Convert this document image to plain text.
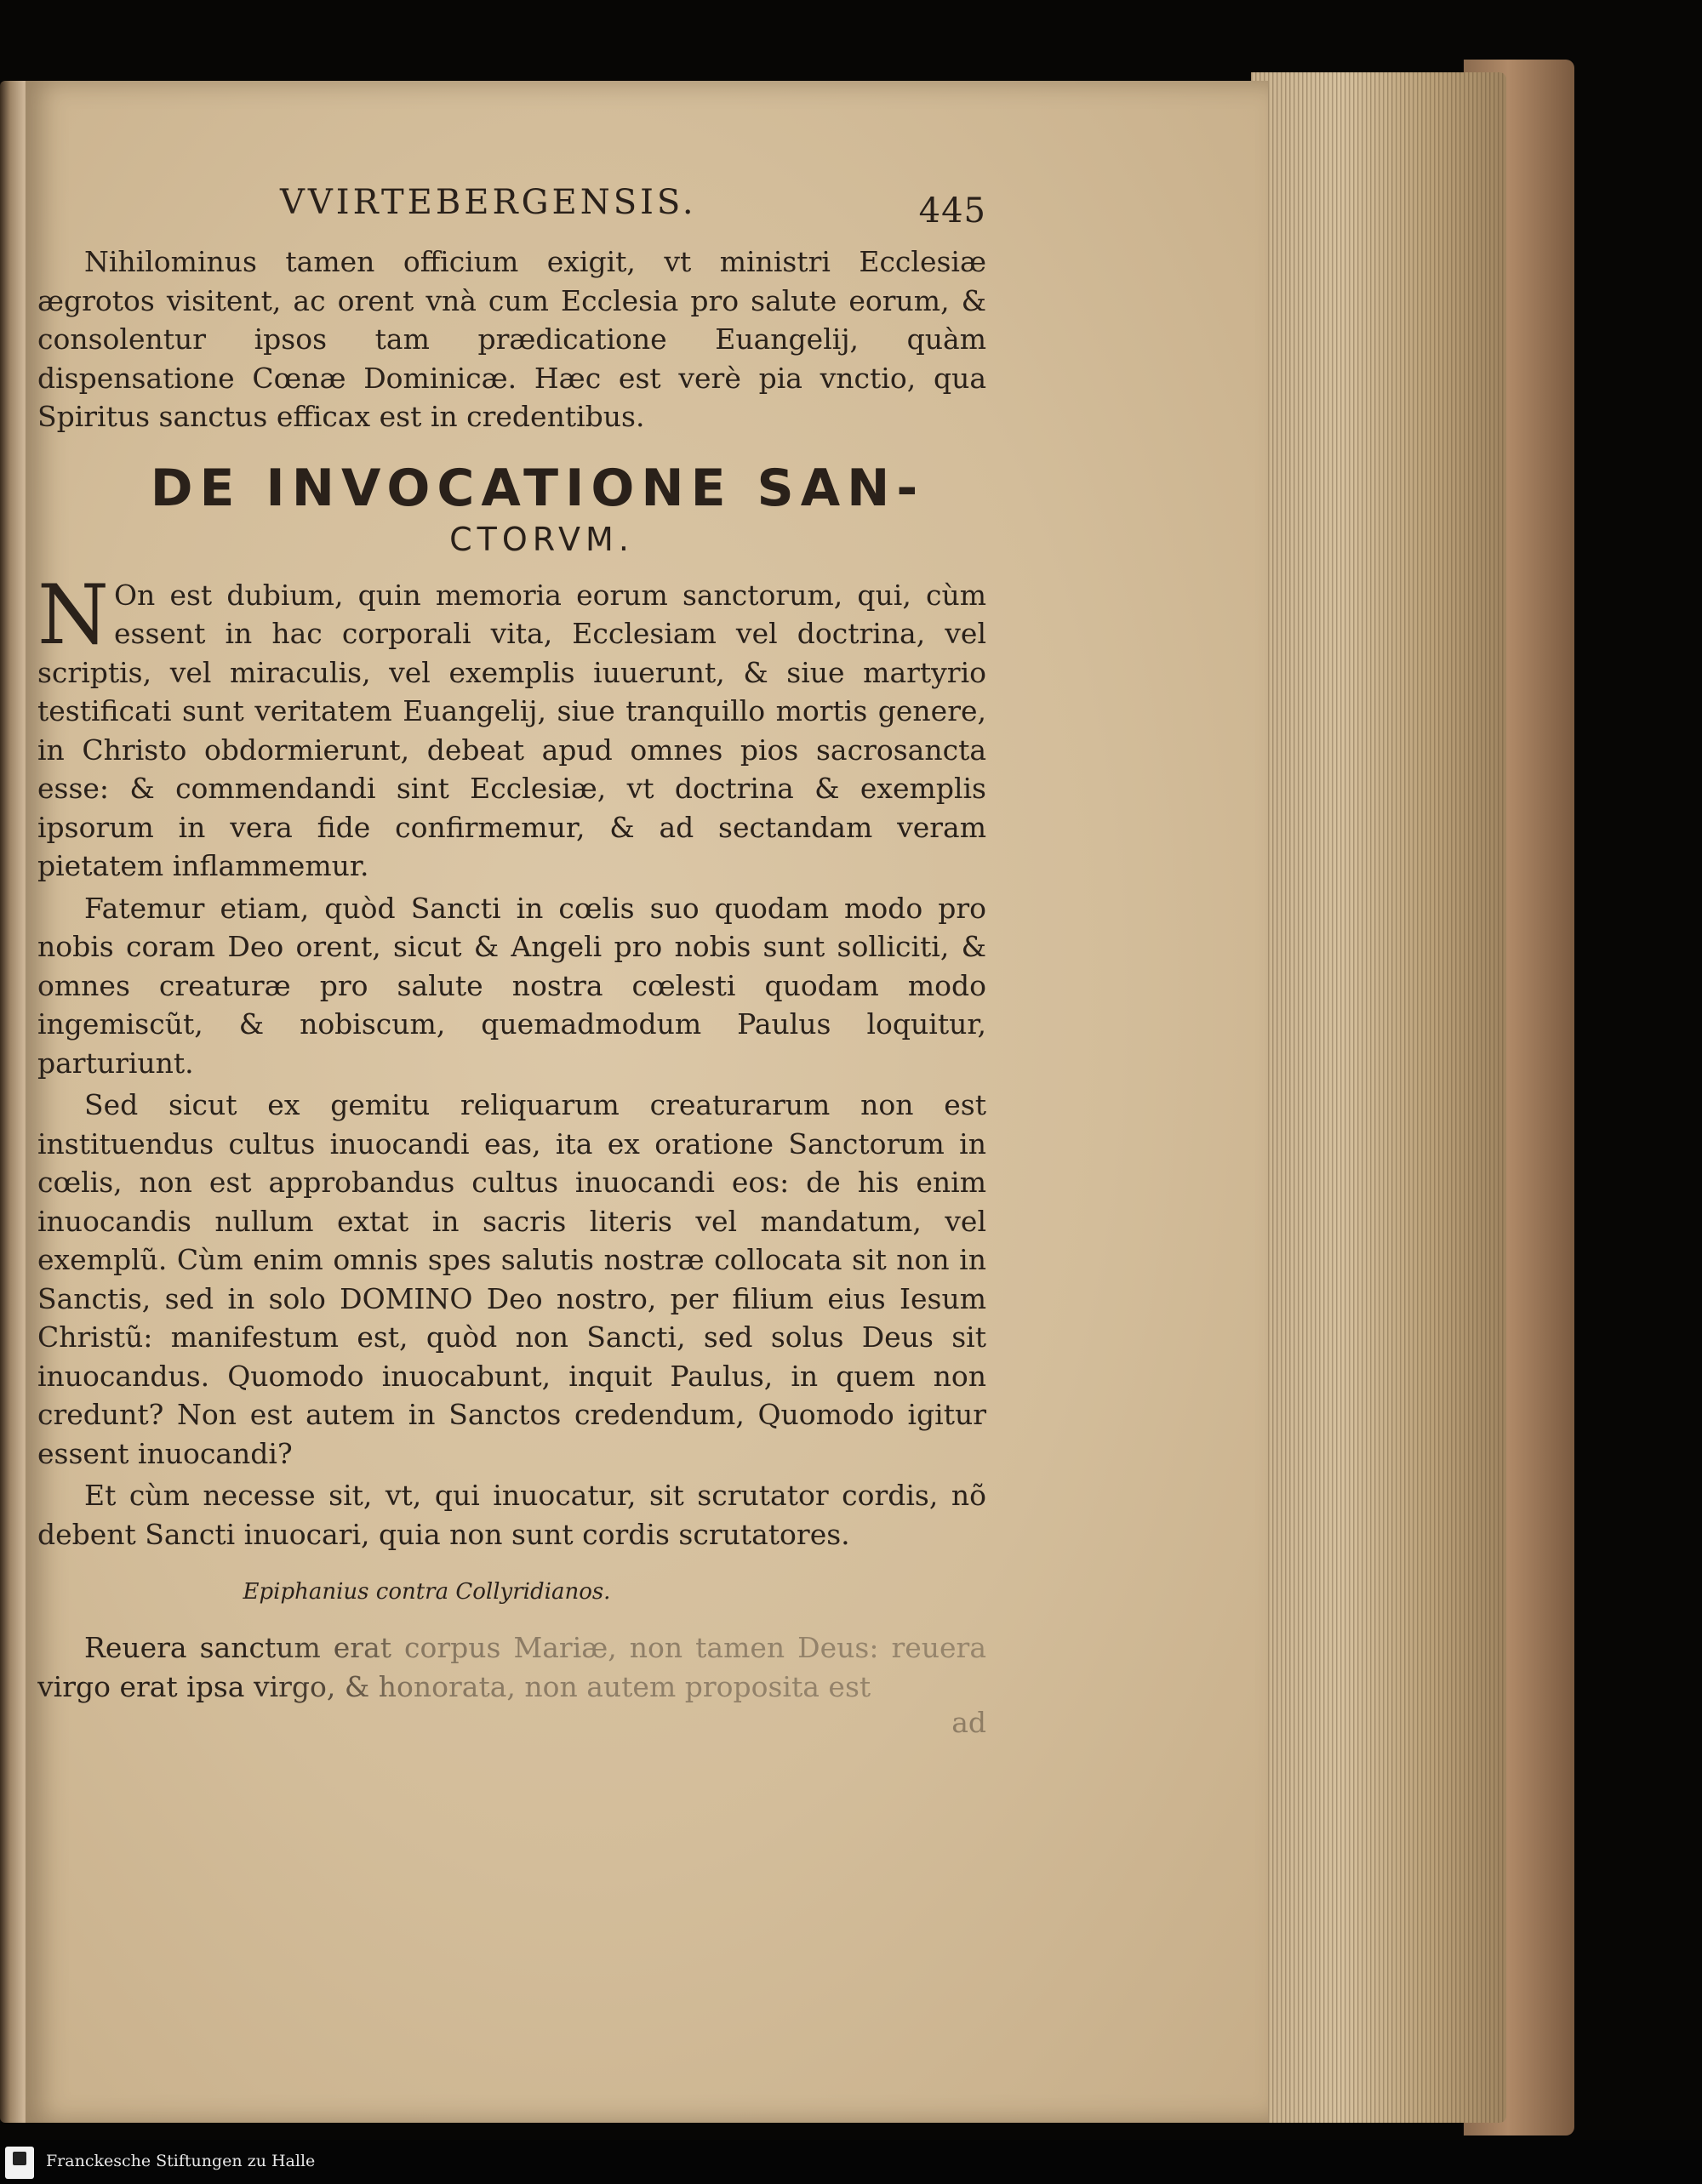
VVIRTEBERGENSIS.	445

Nihilominus tamen officium exigit, vt ministri Ecclesiæ ægrotos visitent, ac orent vnà cum Ecclesia pro salute eorum, & consolentur ipsos tam prædicatione Euangelij, quàm dispensatione Cœnæ Dominicæ. Hæc est verè pia vnctio, qua Spiritus sanctus efficax est in credentibus.

DE INVOCATIONE SAN-
CTORVM.

N On est dubium, quin memoria eorum sanctorum, qui, cùm essent in hac corporali vita, Ecclesiam vel doctrina, vel scriptis, vel miraculis, vel exemplis iuuerunt, & siue martyrio testificati sunt veritatem Euangelij, siue tranquillo mortis genere, in Christo obdormierunt, debeat apud omnes pios sacrosancta esse: & commendandi sint Ecclesiæ, vt doctrina & exemplis ipsorum in vera fide confirmemur, & ad sectandam veram pietatem inflammemur.

Fatemur etiam, quòd Sancti in cœlis suo quodam modo pro nobis coram Deo orent, sicut & Angeli pro nobis sunt solliciti, & omnes creaturæ pro salute nostra cœlesti quodam modo ingemiscũt, & nobiscum, quemadmodum Paulus loquitur, parturiunt.

Sed sicut ex gemitu reliquarum creaturarum non est instituendus cultus inuocandi eas, ita ex oratione Sanctorum in cœlis, non est approbandus cultus inuocandi eos: de his enim inuocandis nullum extat in sacris literis vel mandatum, vel exemplũ. Cùm enim omnis spes salutis nostræ collocata sit non in Sanctis, sed in solo DOMINO Deo nostro, per filium eius Iesum Christũ: manifestum est, quòd non Sancti, sed solus Deus sit inuocandus. Quomodo inuocabunt, inquit Paulus, in quem non credunt? Non est autem in Sanctos credendum, Quomodo igitur essent inuocandi?

Et cùm necesse sit, vt, qui inuocatur, sit scrutator cordis, nõ debent Sancti inuocari, quia non sunt cordis scrutatores.

Epiphanius contra Collyridianos.

Reuera sanctum erat corpus Mariæ, non tamen Deus: reuera virgo erat ipsa virgo, & honorata, non autem proposita est

ad
Franckesche Stiftungen zu Halle
